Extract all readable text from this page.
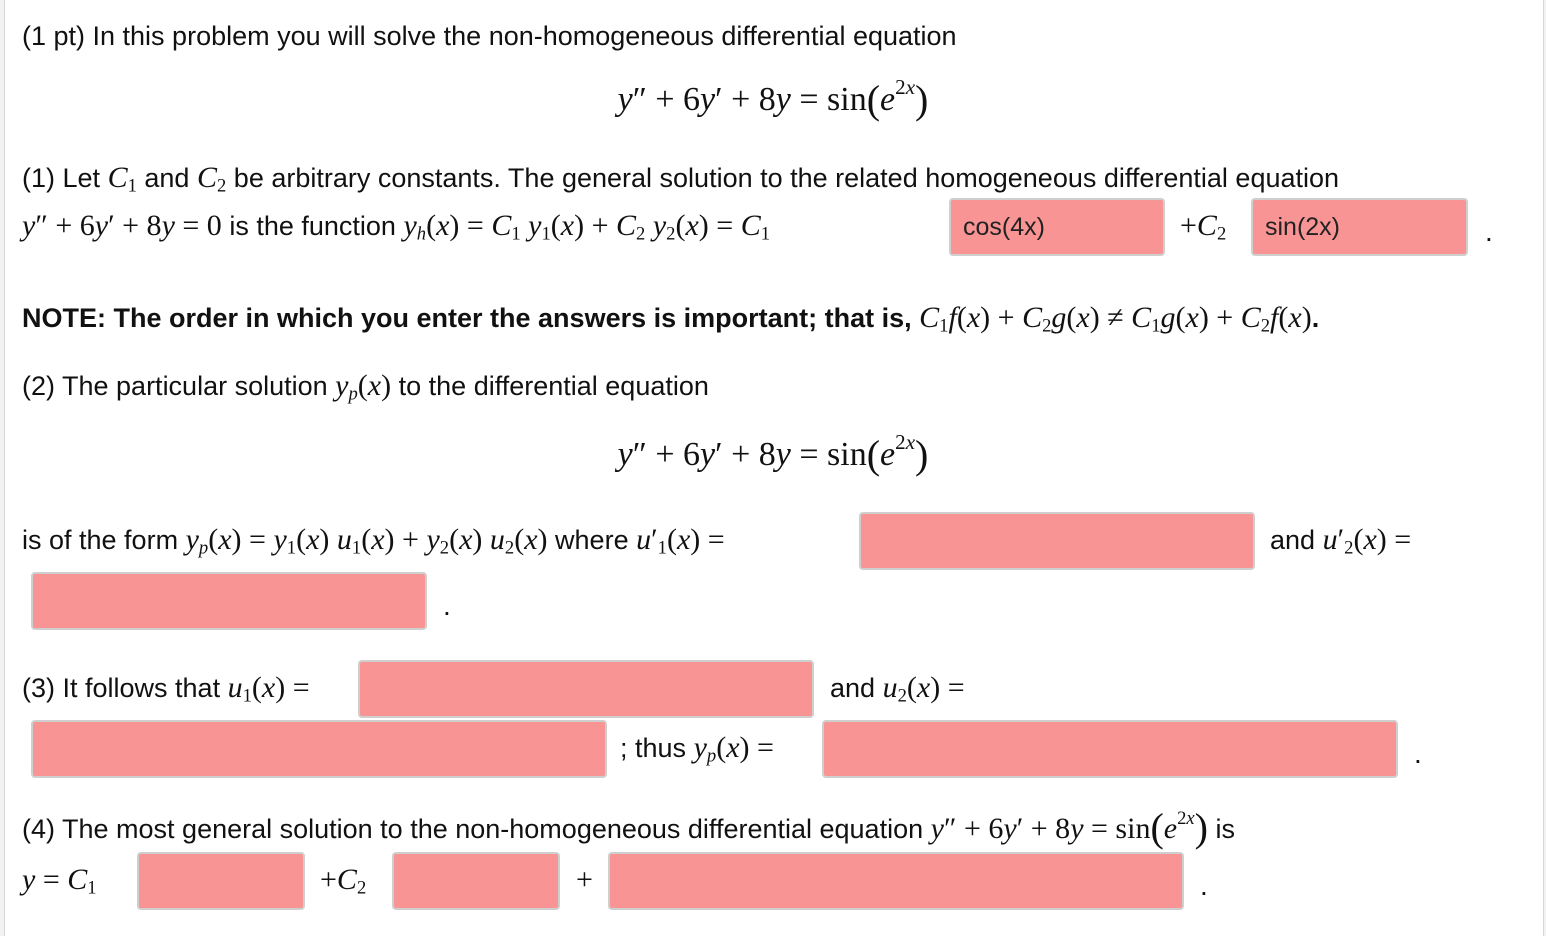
(1 pt) In this problem you will solve the non-homogeneous differential equation
$y'' + 6y' + 8y = \sin(e^{2x})$
(1) Let $C_1$ and $C_2$ be arbitrary constants. The general solution to the related homogeneous differential equation
y″ + 6y′ + 8y = 0 is the function $y_h(x) = C_1$ $y_1(x) + C_2$ $y_2(x) = C_1$	cos(4x)	$+C_2$	sin(2x)	.
NOTE: The order in which you enter the answers is important; that is, $C_1f(x) + C_2g(x) \ne C_1g(x) + C_2f(x)$.
(2) The particular solution $y_p(x)$ to the differential equation
$y'' + 6y' + 8y = \sin(e^{2x})$
is of the form $y_p(x) = y_1(x) u_1(x) + y_2(x)$ $u_2(x)$ where $u'_1(x)$ =	and $u'_2(x)$ =
.
(3) It follows that $u_1(x)$ =	and $u_2(x)$ =
; thus $y_p(x)$ =	.
(4) The most general solution to the non-homogeneous differential equation $y'' + 6y' + 8y = \sin(e^{2x})$ is
$y = C_1$	$+C_2$	+	.
